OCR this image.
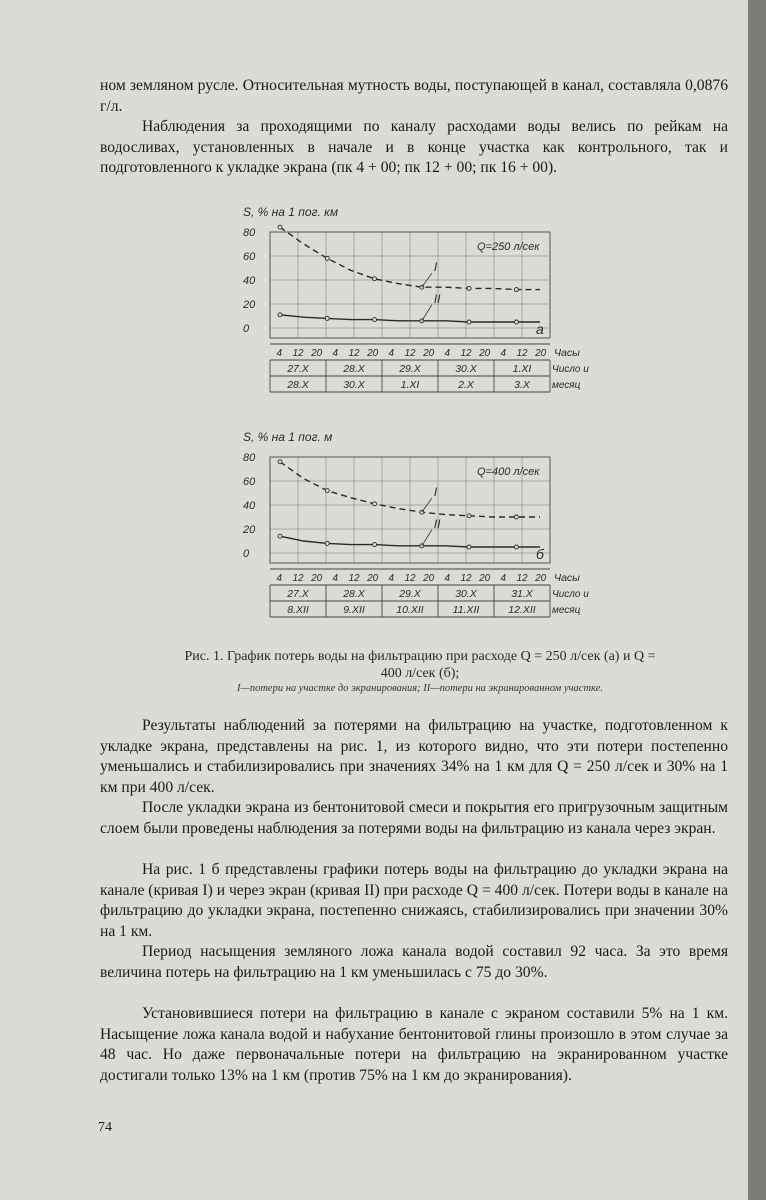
ном земляном русле. Относительная мутность воды, поступающей в канал, составляла 0,0876 г/л.

Наблюдения за проходящими по каналу расходами воды велись по рейкам на водосливах, установленных в начале и в конце участка как контрольного, так и подготовленного к укладке экрана (пк 4 + 00; пк 12 + 00; пк 16 + 00).

S, % на 1 пог. км
80
60
40
20
0
I
II
Q=250 л/сек
а
4 12 20 4 12 20 4 12 20 4 12 20 4 12 20
27.X	28.X	29.X	30.X	1.XI
28.X	30.X	1.XI	2.X	3.X
Часы
Число и
месяц
S, % на 1 пог. м
80
60
40
20
0
I
II
Q=400 л/сек
б
4 12 20 4 12 20 4 12 20 4 12 20 4 12 20
27.X	28.X	29.X	30.X	31.X
8.XII	9.XII	10.XII	11.XII	12.XII
Часы
Число и
месяц

Рис. 1. График потерь воды на фильтрацию при расходе Q = 250 л/сек (а) и Q = 400 л/сек (б);

I—потери на участке до экранирования; II—потери на экранированном участке.

Результаты наблюдений за потерями на фильтрацию на участке, подготовленном к укладке экрана, представлены на рис. 1, из которого видно, что эти потери постепенно уменьшались и стабилизировались при значениях 34% на 1 км для Q = 250 л/сек и 30% на 1 км при 400 л/сек.

После укладки экрана из бентонитовой смеси и покрытия его пригрузочным защитным слоем были проведены наблюдения за потерями воды на фильтрацию из канала через экран.

На рис. 1 б представлены графики потерь воды на фильтрацию до укладки экрана на канале (кривая I) и через экран (кривая II) при расходе Q = 400 л/сек. Потери воды в канале на фильтрацию до укладки экрана, постепенно снижаясь, стабилизировались при значении 30% на 1 км.

Период насыщения земляного ложа канала водой составил 92 часа. За это время величина потерь на фильтрацию на 1 км уменьшилась с 75 до 30%.

Установившиеся потери на фильтрацию в канале с экраном составили 5% на 1 км. Насыщение ложа канала водой и набухание бентонитовой глины произошло в этом случае за 48 час. Но даже первоначальные потери на фильтрацию на экранированном участке достигали только 13% на 1 км (против 75% на 1 км до экранирования).

74
